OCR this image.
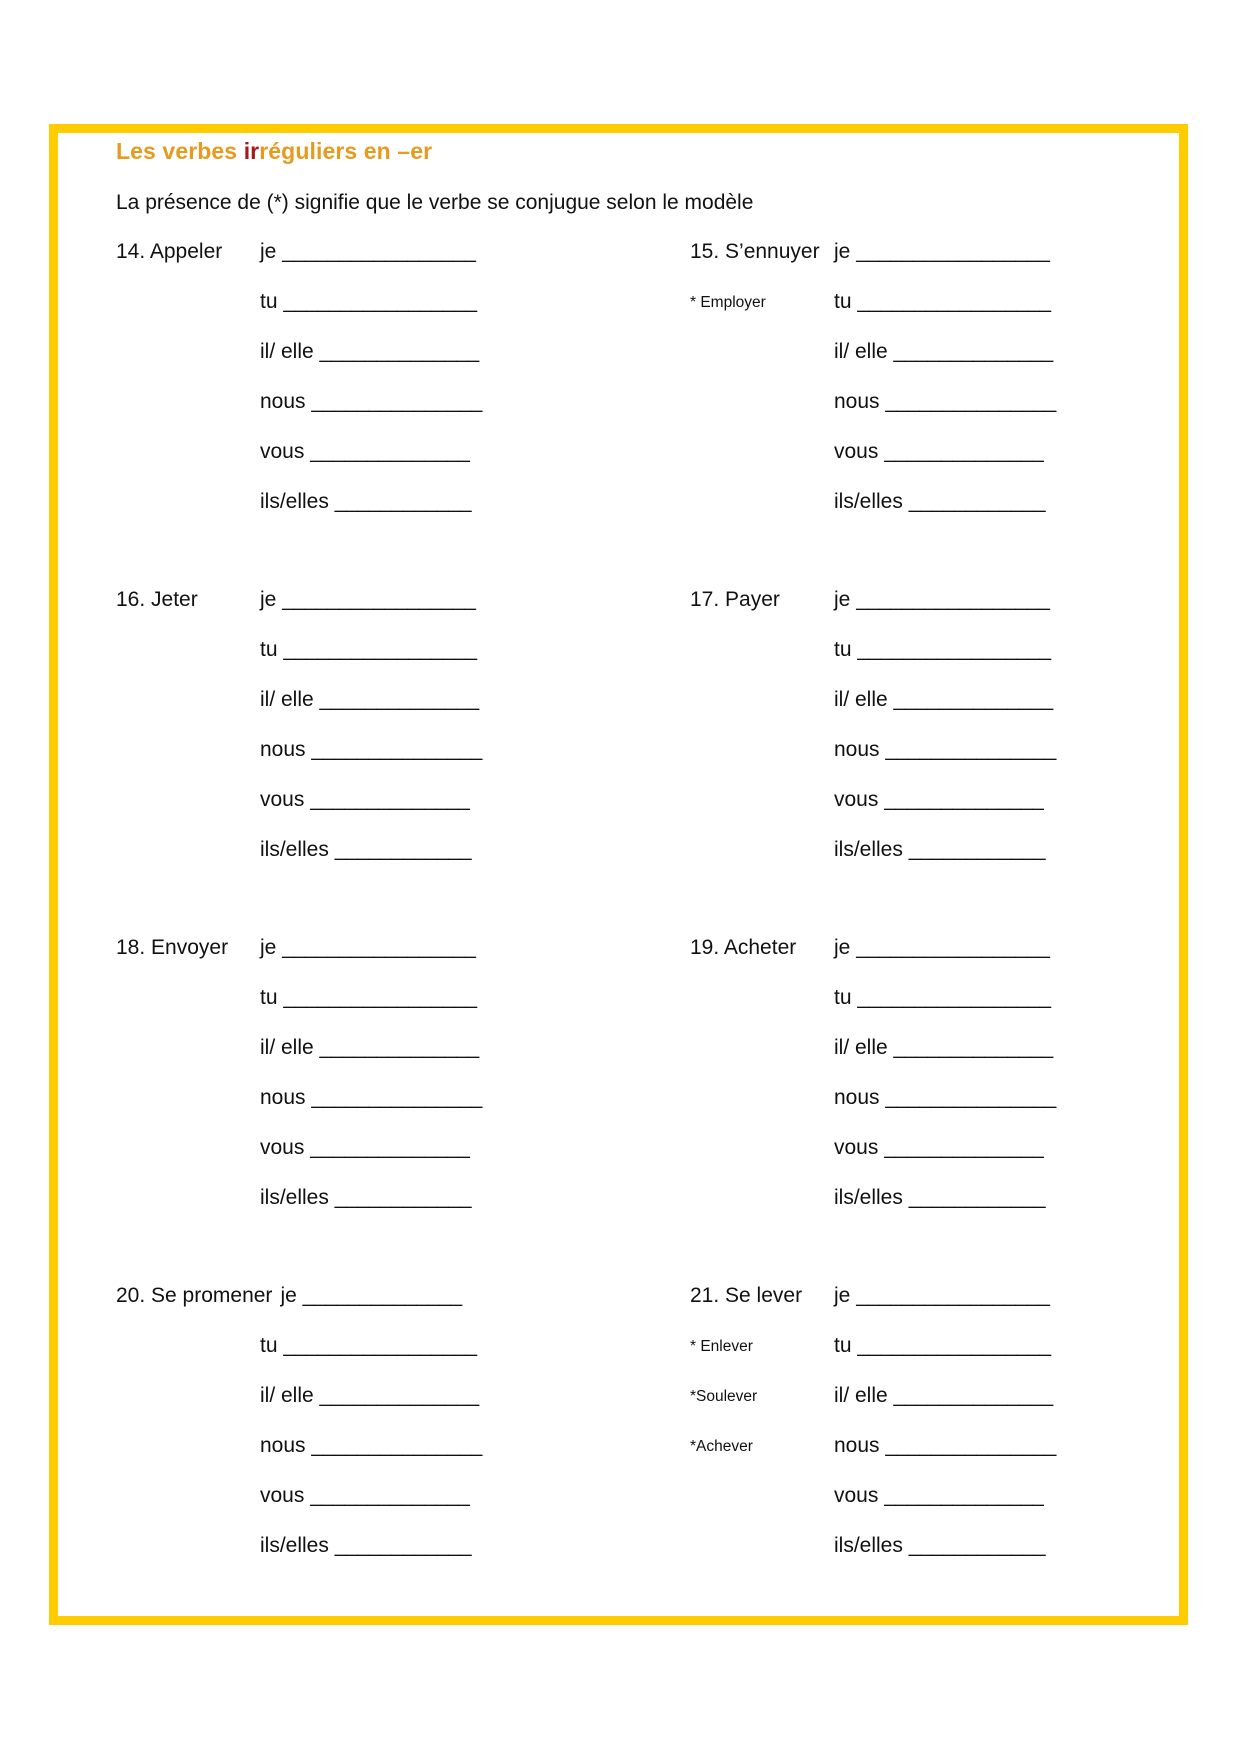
Les verbes irréguliers en –er
La présence de (*) signifie que le verbe se conjugue selon le modèle
14. Appeler je _________________
tu _________________
il/ elle ______________
nous _______________
vous ______________
ils/elles ____________
15. S’ennuyer
* Employer
je _________________
tu _________________
il/ elle ______________
nous _______________
vous ______________
ils/elles ____________
16. Jeter	je _________________
tu _________________
il/ elle ______________
nous _______________
vous ______________
ils/elles ____________
17. Payer	je _________________
tu _________________
il/ elle ______________
nous _______________
vous ______________
ils/elles ____________
18. Envoyer je _________________
tu _________________
il/ elle ______________
nous _______________
vous ______________
ils/elles ____________
19. Acheter je _________________
tu _________________
il/ elle ______________
nous _______________
vous ______________
ils/elles ____________
20. Se promener je ______________
tu _________________
il/ elle ______________
nous _______________
vous ______________
ils/elles ____________
21. Se lever
* Enlever
*Soulever
*Achever
je _________________
tu _________________
il/ elle ______________
nous _______________
vous ______________
ils/elles ____________
